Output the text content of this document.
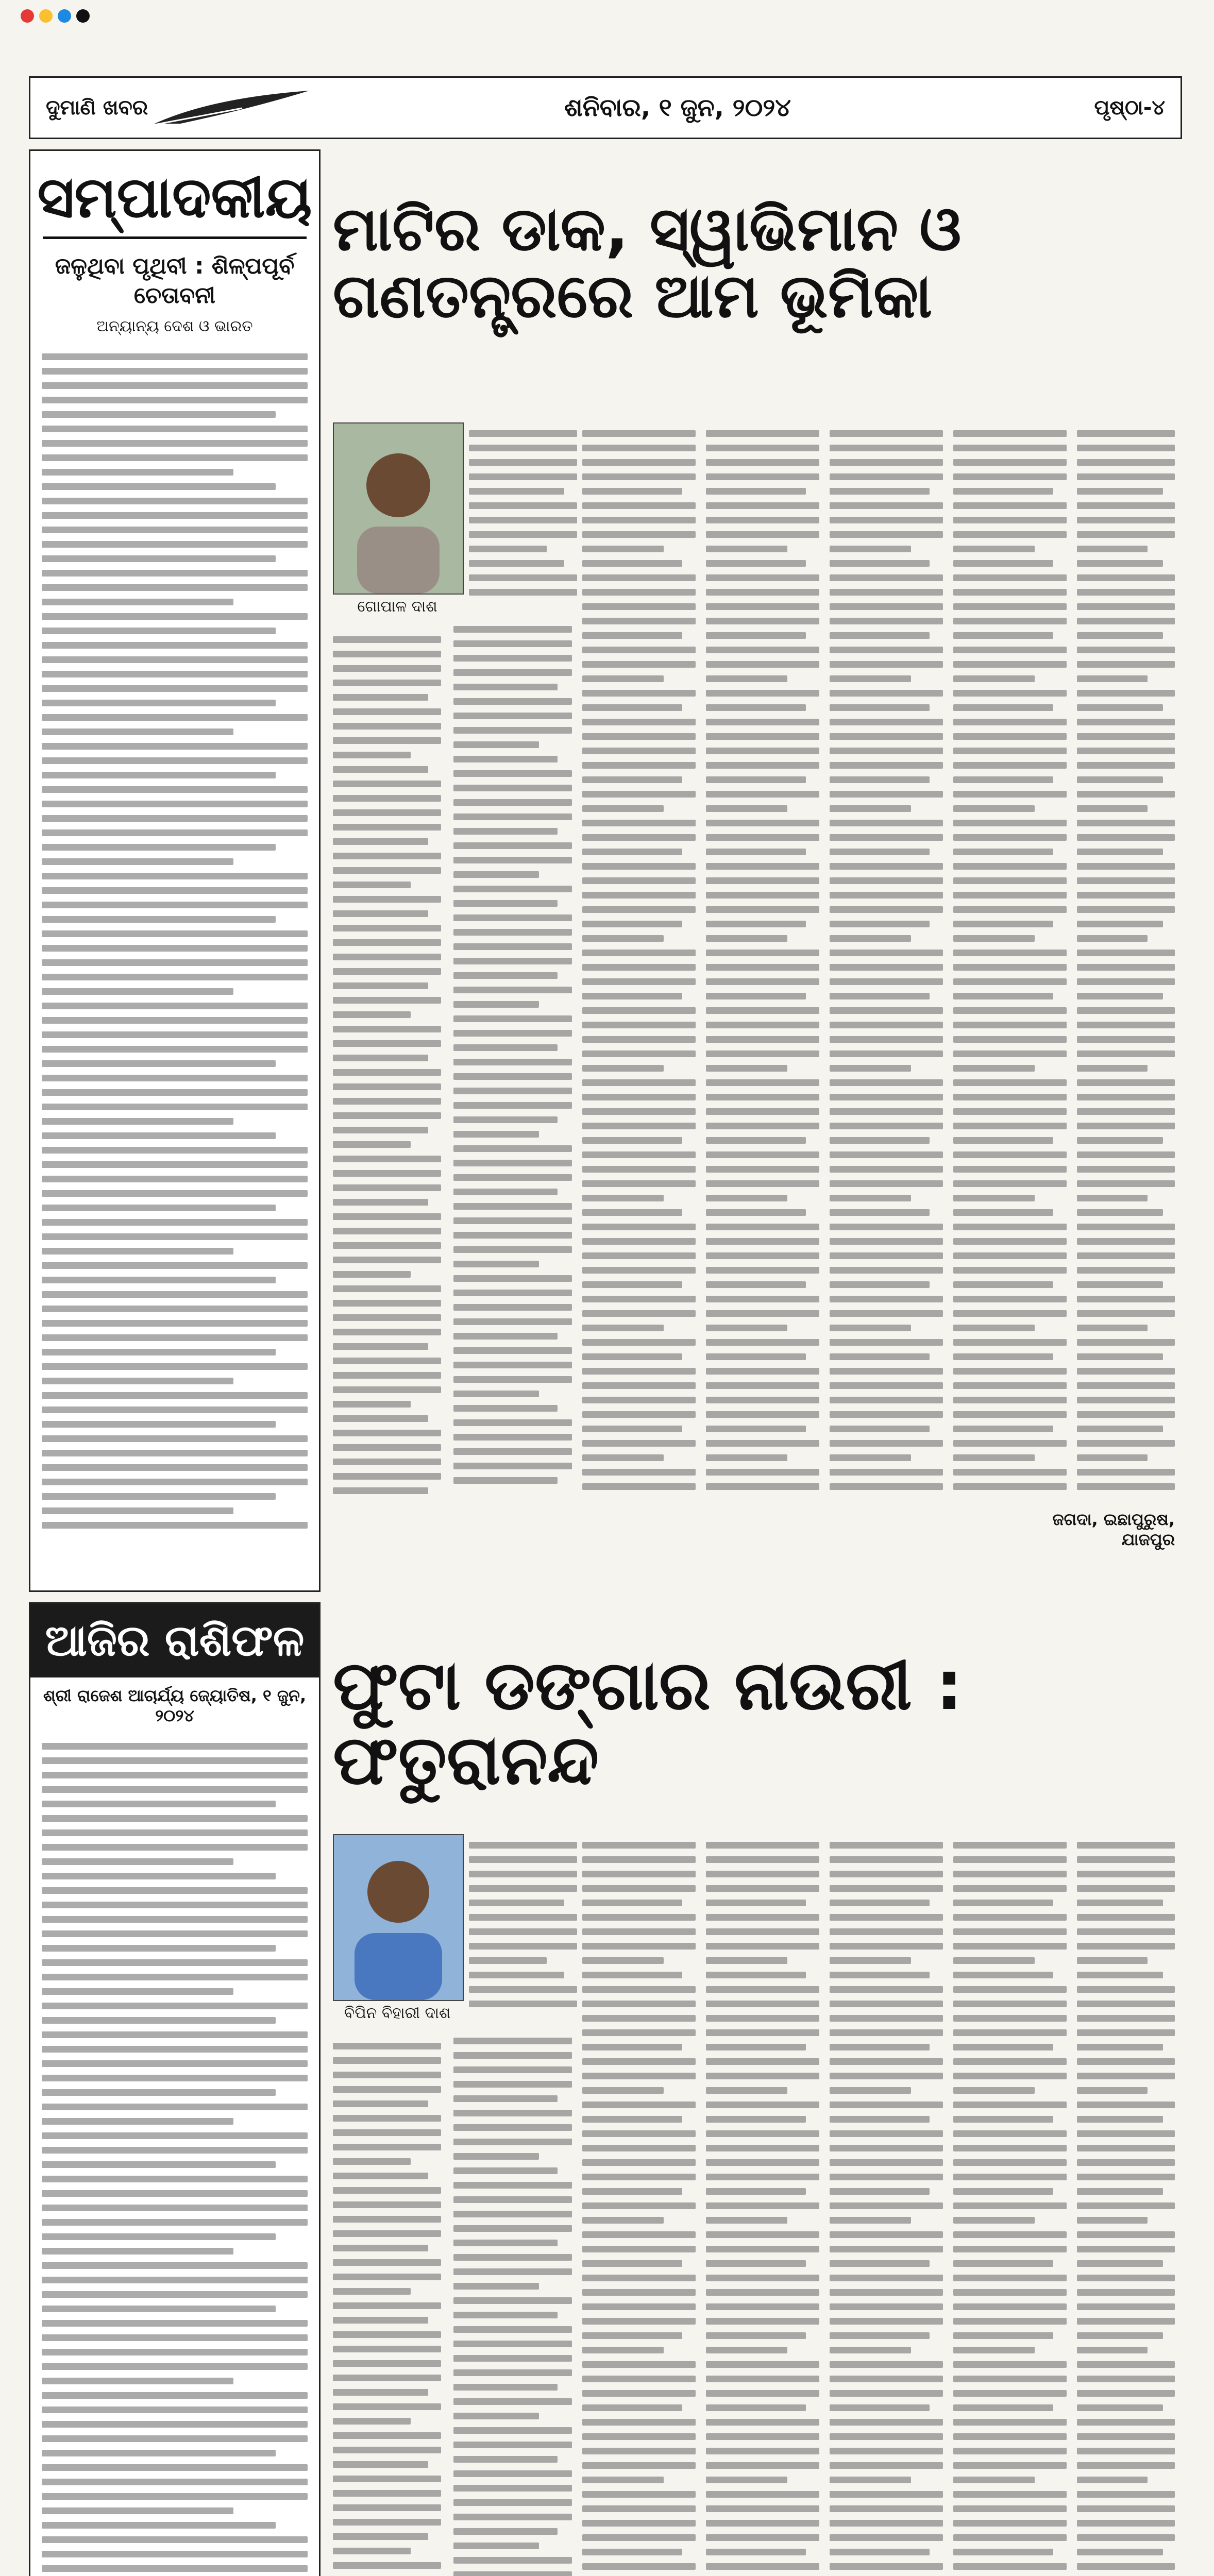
ଦୁମାଣି ଖବର	ଶନିବାର, ୧ ଜୁନ, ୨୦୨୪	ପୃଷ୍ଠା-୪
ସମ୍ପାଦକୀୟ
ଜଳୁଥିବା ପୃଥିବୀ : ଶିଳ୍ପପୂର୍ବ ଚେତାବନୀ
ଅନ୍ୟାନ୍ୟ ଦେଶ ଓ ଭାରତ
ଆଜିର ରାଶିଫଳ
ଶ୍ରୀ ରାଜେଶ ଆଚାର୍ଯ୍ୟ ଜ୍ୟୋତିଷ, ୧ ଜୁନ, ୨୦୨୪
ମାଟିର ଡାକ, ସ୍ୱାଭିମାନ ଓ ଗଣତନ୍ତ୍ରରେ ଆମ ଭୂମିକା
ଗୋପାଳ ଦାଶ
ଜଗଦା, ଇଛାପୁରୁଷ, ଯାଜପୁର
ଫୁଟା ଡଙ୍ଗାର ନାଉରୀ : ଫତୁରାନନ୍ଦ
ବିପିନ ବିହାରୀ ଦାଶ
